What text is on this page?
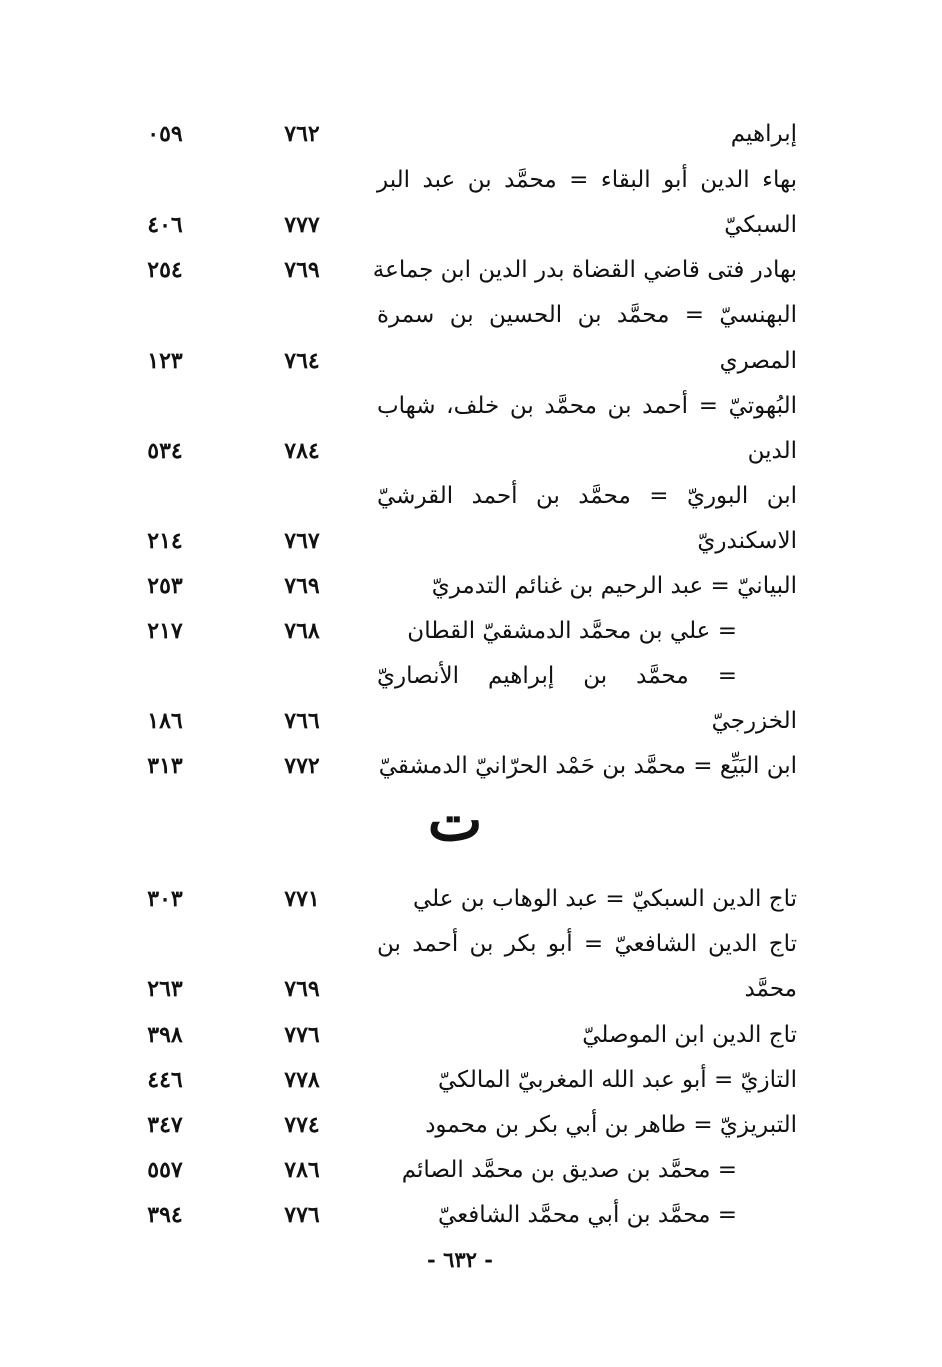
إبراهيم
٧٦٢
٠٥٩
بهاء الدين أبو البقاء = محمَّد بن عبد البر
السبكيّ
٧٧٧
٤٠٦
بهادر فتى قاضي القضاة بدر الدين ابن جماعة
٧٦٩
٢٥٤
البهنسيّ = محمَّد بن الحسين بن سمرة
المصري
٧٦٤
١٢٣
البُهوتيّ = أحمد بن محمَّد بن خلف، شهاب
الدين
٧٨٤
٥٣٤
ابن البوريّ = محمَّد بن أحمد القرشيّ
الاسكندريّ
٧٦٧
٢١٤
البيانيّ = عبد الرحيم بن غنائم التدمريّ
٧٦٩
٢٥٣
= علي بن محمَّد الدمشقيّ القطان
٧٦٨
٢١٧
= محمَّد بن إبراهيم الأنصاريّ
الخزرجيّ
٧٦٦
١٨٦
ابن البَيِّع = محمَّد بن حَمْد الحرّانيّ الدمشقيّ
٧٧٢
٣١٣
ت
تاج الدين السبكيّ = عبد الوهاب بن علي
٧٧١
٣٠٣
تاج الدين الشافعيّ = أبو بكر بن أحمد بن
محمَّد
٧٦٩
٢٦٣
تاج الدين ابن الموصليّ
٧٧٦
٣٩٨
التازيّ = أبو عبد الله المغربيّ المالكيّ
٧٧٨
٤٤٦
التبريزيّ = طاهر بن أبي بكر بن محمود
٧٧٤
٣٤٧
= محمَّد بن صديق بن محمَّد الصائم
٧٨٦
٥٥٧
= محمَّد بن أبي محمَّد الشافعيّ
٧٧٦
٣٩٤
- ٦٣٢ -
